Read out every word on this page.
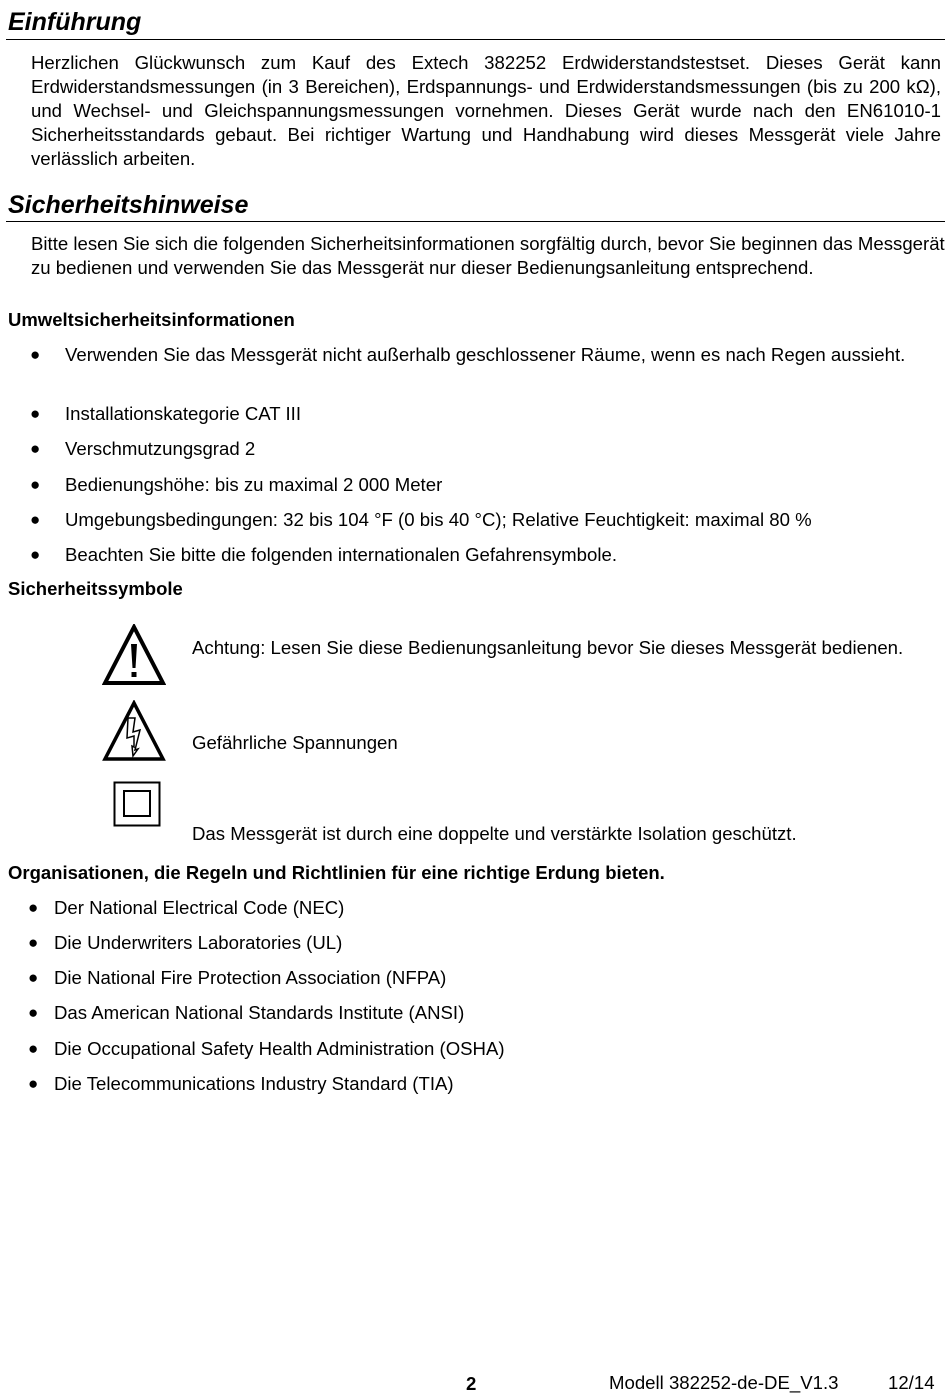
Einführung
Herzlichen Glückwunsch zum Kauf des Extech 382252 Erdwiderstandstestset. Dieses Gerät kann Erdwiderstandsmessungen (in 3 Bereichen), Erdspannungs- und Erdwiderstandsmessungen (bis zu 200 kΩ), und Wechsel- und Gleichspannungsmessungen vornehmen. Dieses Gerät wurde nach den EN61010-1 Sicherheitsstandards gebaut. Bei richtiger Wartung und Handhabung wird dieses Messgerät viele Jahre verlässlich arbeiten.
Sicherheitshinweise
Bitte lesen Sie sich die folgenden Sicherheitsinformationen sorgfältig durch, bevor Sie beginnen das Messgerät zu bedienen und verwenden Sie das Messgerät nur dieser Bedienungsanleitung entsprechend.
Umweltsicherheitsinformationen
● Verwenden Sie das Messgerät nicht außerhalb geschlossener Räume, wenn es nach Regen aussieht.
● Installationskategorie CAT III
● Verschmutzungsgrad 2
● Bedienungshöhe: bis zu maximal 2 000 Meter
● Umgebungsbedingungen: 32 bis 104 °F (0 bis 40 °C); Relative Feuchtigkeit: maximal 80 %
● Beachten Sie bitte die folgenden internationalen Gefahrensymbole.
Sicherheitssymbole
Achtung: Lesen Sie diese Bedienungsanleitung bevor Sie dieses Messgerät bedienen.
Gefährliche Spannungen
Das Messgerät ist durch eine doppelte und verstärkte Isolation geschützt.
Organisationen, die Regeln und Richtlinien für eine richtige Erdung bieten.
● Der National Electrical Code (NEC)
● Die Underwriters Laboratories (UL)
● Die National Fire Protection Association (NFPA)
● Das American National Standards Institute (ANSI)
● Die Occupational Safety Health Administration (OSHA)
● Die Telecommunications Industry Standard (TIA)
2	Modell 382252-de-DE_V1.3	12/14
